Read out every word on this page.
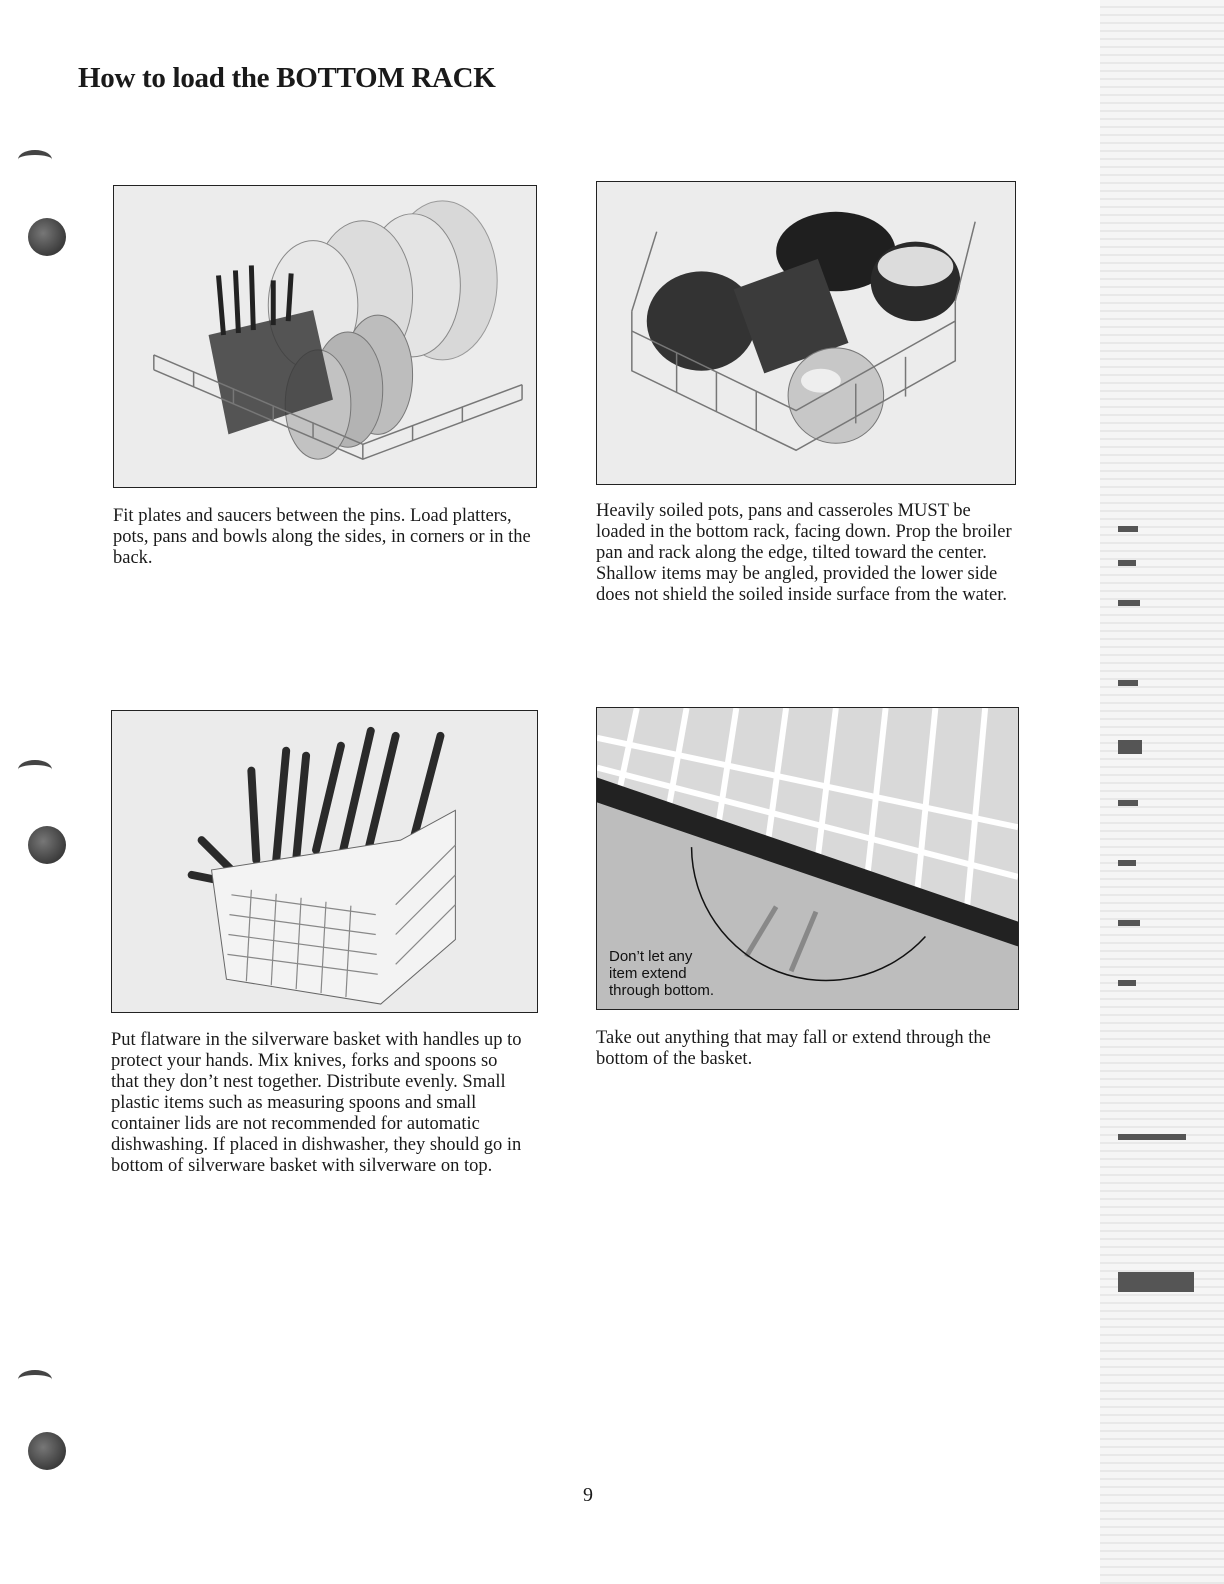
How to load the BOTTOM RACK

Fit plates and saucers between the pins. Load platters, pots, pans and bowls along the sides, in corners or in the back.

Heavily soiled pots, pans and casseroles MUST be loaded in the bottom rack, facing down. Prop the broiler pan and rack along the edge, tilted toward the center. Shallow items may be angled, provided the lower side does not shield the soiled inside surface from the water.

Put flatware in the silverware basket with handles up to protect your hands. Mix knives, forks and spoons so that they don’t nest together. Distribute evenly. Small plastic items such as measuring spoons and small container lids are not recommended for automatic dishwashing. If placed in dishwasher, they should go in bottom of silverware basket with silverware on top.

Don’t let any
item extend
through bottom.

Take out anything that may fall or extend through the bottom of the basket.

9
